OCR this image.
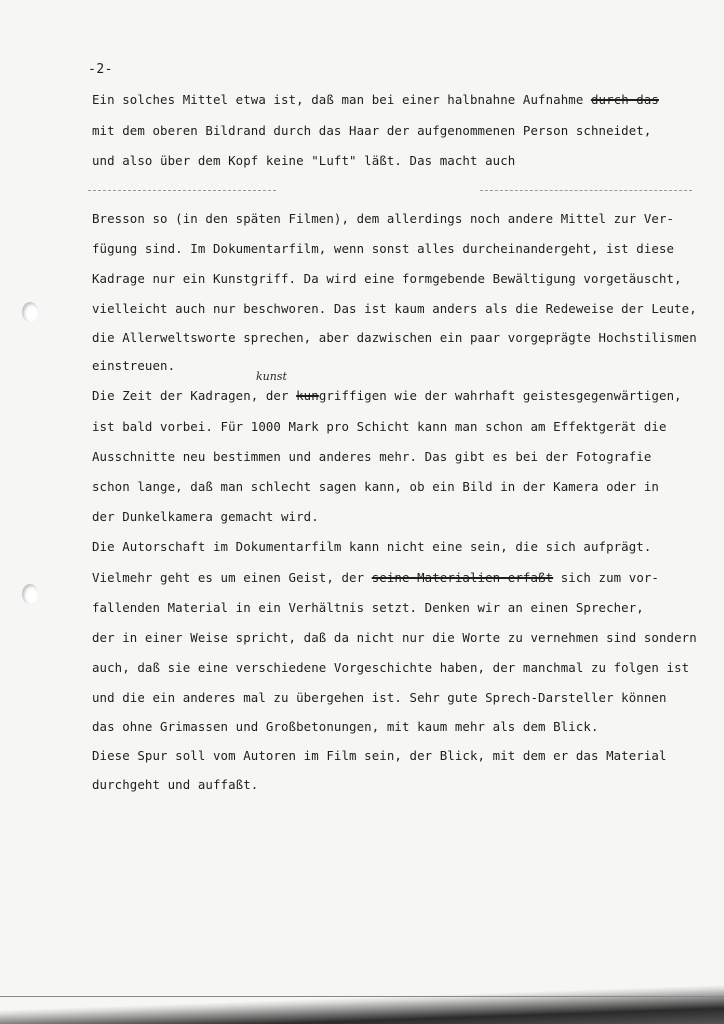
-2-
Ein solches Mittel etwa ist, daß man bei einer halbnahne Aufnahme durch das
mit dem oberen Bildrand durch das Haar der aufgenommenen Person schneidet,
und also über dem Kopf keine "Luft" läßt. Das macht auch
Bresson so (in den späten Filmen), dem allerdings noch andere Mittel zur Ver-
fügung sind. Im Dokumentarfilm, wenn sonst alles durcheinandergeht, ist diese
Kadrage nur ein Kunstgriff. Da wird eine formgebende Bewältigung vorgetäuscht,
vielleicht auch nur beschworen. Das ist kaum anders als die Redeweise der Leute,
die Allerweltsworte sprechen, aber dazwischen ein paar vorgeprägte Hochstilismen
einstreuen.
Die Zeit der Kadragen, der kungriffigen wie der wahrhaft geistesgegenwärtigen,
ist bald vorbei. Für 1000 Mark pro Schicht kann man schon am Effektgerät die
Ausschnitte neu bestimmen und anderes mehr. Das gibt es bei der Fotografie
schon lange, daß man schlecht sagen kann, ob ein Bild in der Kamera oder in
der Dunkelkamera gemacht wird.
Die Autorschaft im Dokumentarfilm kann nicht eine sein, die sich aufprägt.
Vielmehr geht es um einen Geist, der seine Materialien erfaßt sich zum vor-
fallenden Material in ein Verhältnis setzt. Denken wir an einen Sprecher,
der in einer Weise spricht, daß da nicht nur die Worte zu vernehmen sind sondern
auch, daß sie eine verschiedene Vorgeschichte haben, der manchmal zu folgen ist
und die ein anderes mal zu übergehen ist. Sehr gute Sprech-Darsteller können
das ohne Grimassen und Großbetonungen, mit kaum mehr als dem Blick.
Diese Spur soll vom Autoren im Film sein, der Blick, mit dem er das Material
durchgeht und auffaßt.
kunst
